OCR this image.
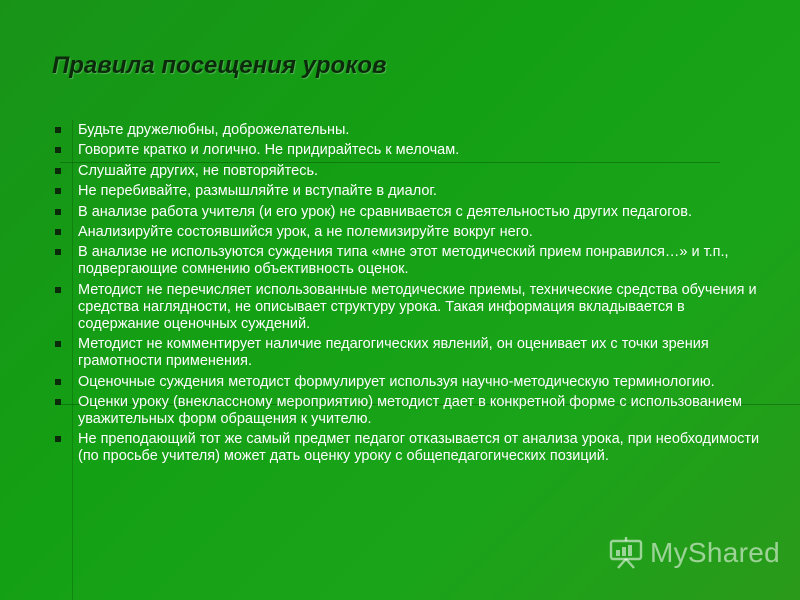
Правила посещения уроков
Будьте дружелюбны, доброжелательны.
Говорите кратко и логично. Не придирайтесь к мелочам.
Слушайте других, не повторяйтесь.
Не перебивайте, размышляйте и вступайте в диалог.
В анализе работа учителя (и его урок) не сравнивается с деятельностью других педагогов.
Анализируйте состоявшийся урок, а не полемизируйте вокруг него.
В анализе не используются суждения типа «мне этот методический прием понравился…» и т.п., подвергающие сомнению объективность оценок.
Методист не перечисляет использованные методические приемы, технические средства обучения и средства наглядности, не описывает структуру урока. Такая информация вкладывается в содержание оценочных суждений.
Методист не комментирует наличие педагогических явлений, он оценивает их с точки зрения грамотности применения.
Оценочные суждения методист формулирует используя научно-методическую терминологию.
Оценки уроку (внеклассному мероприятию) методист дает в конкретной форме с использованием уважительных форм обращения к учителю.
Не преподающий тот же самый предмет педагог отказывается от анализа урока, при необходимости (по просьбе учителя) может дать оценку уроку с общепедагогических позиций.
MyShared
